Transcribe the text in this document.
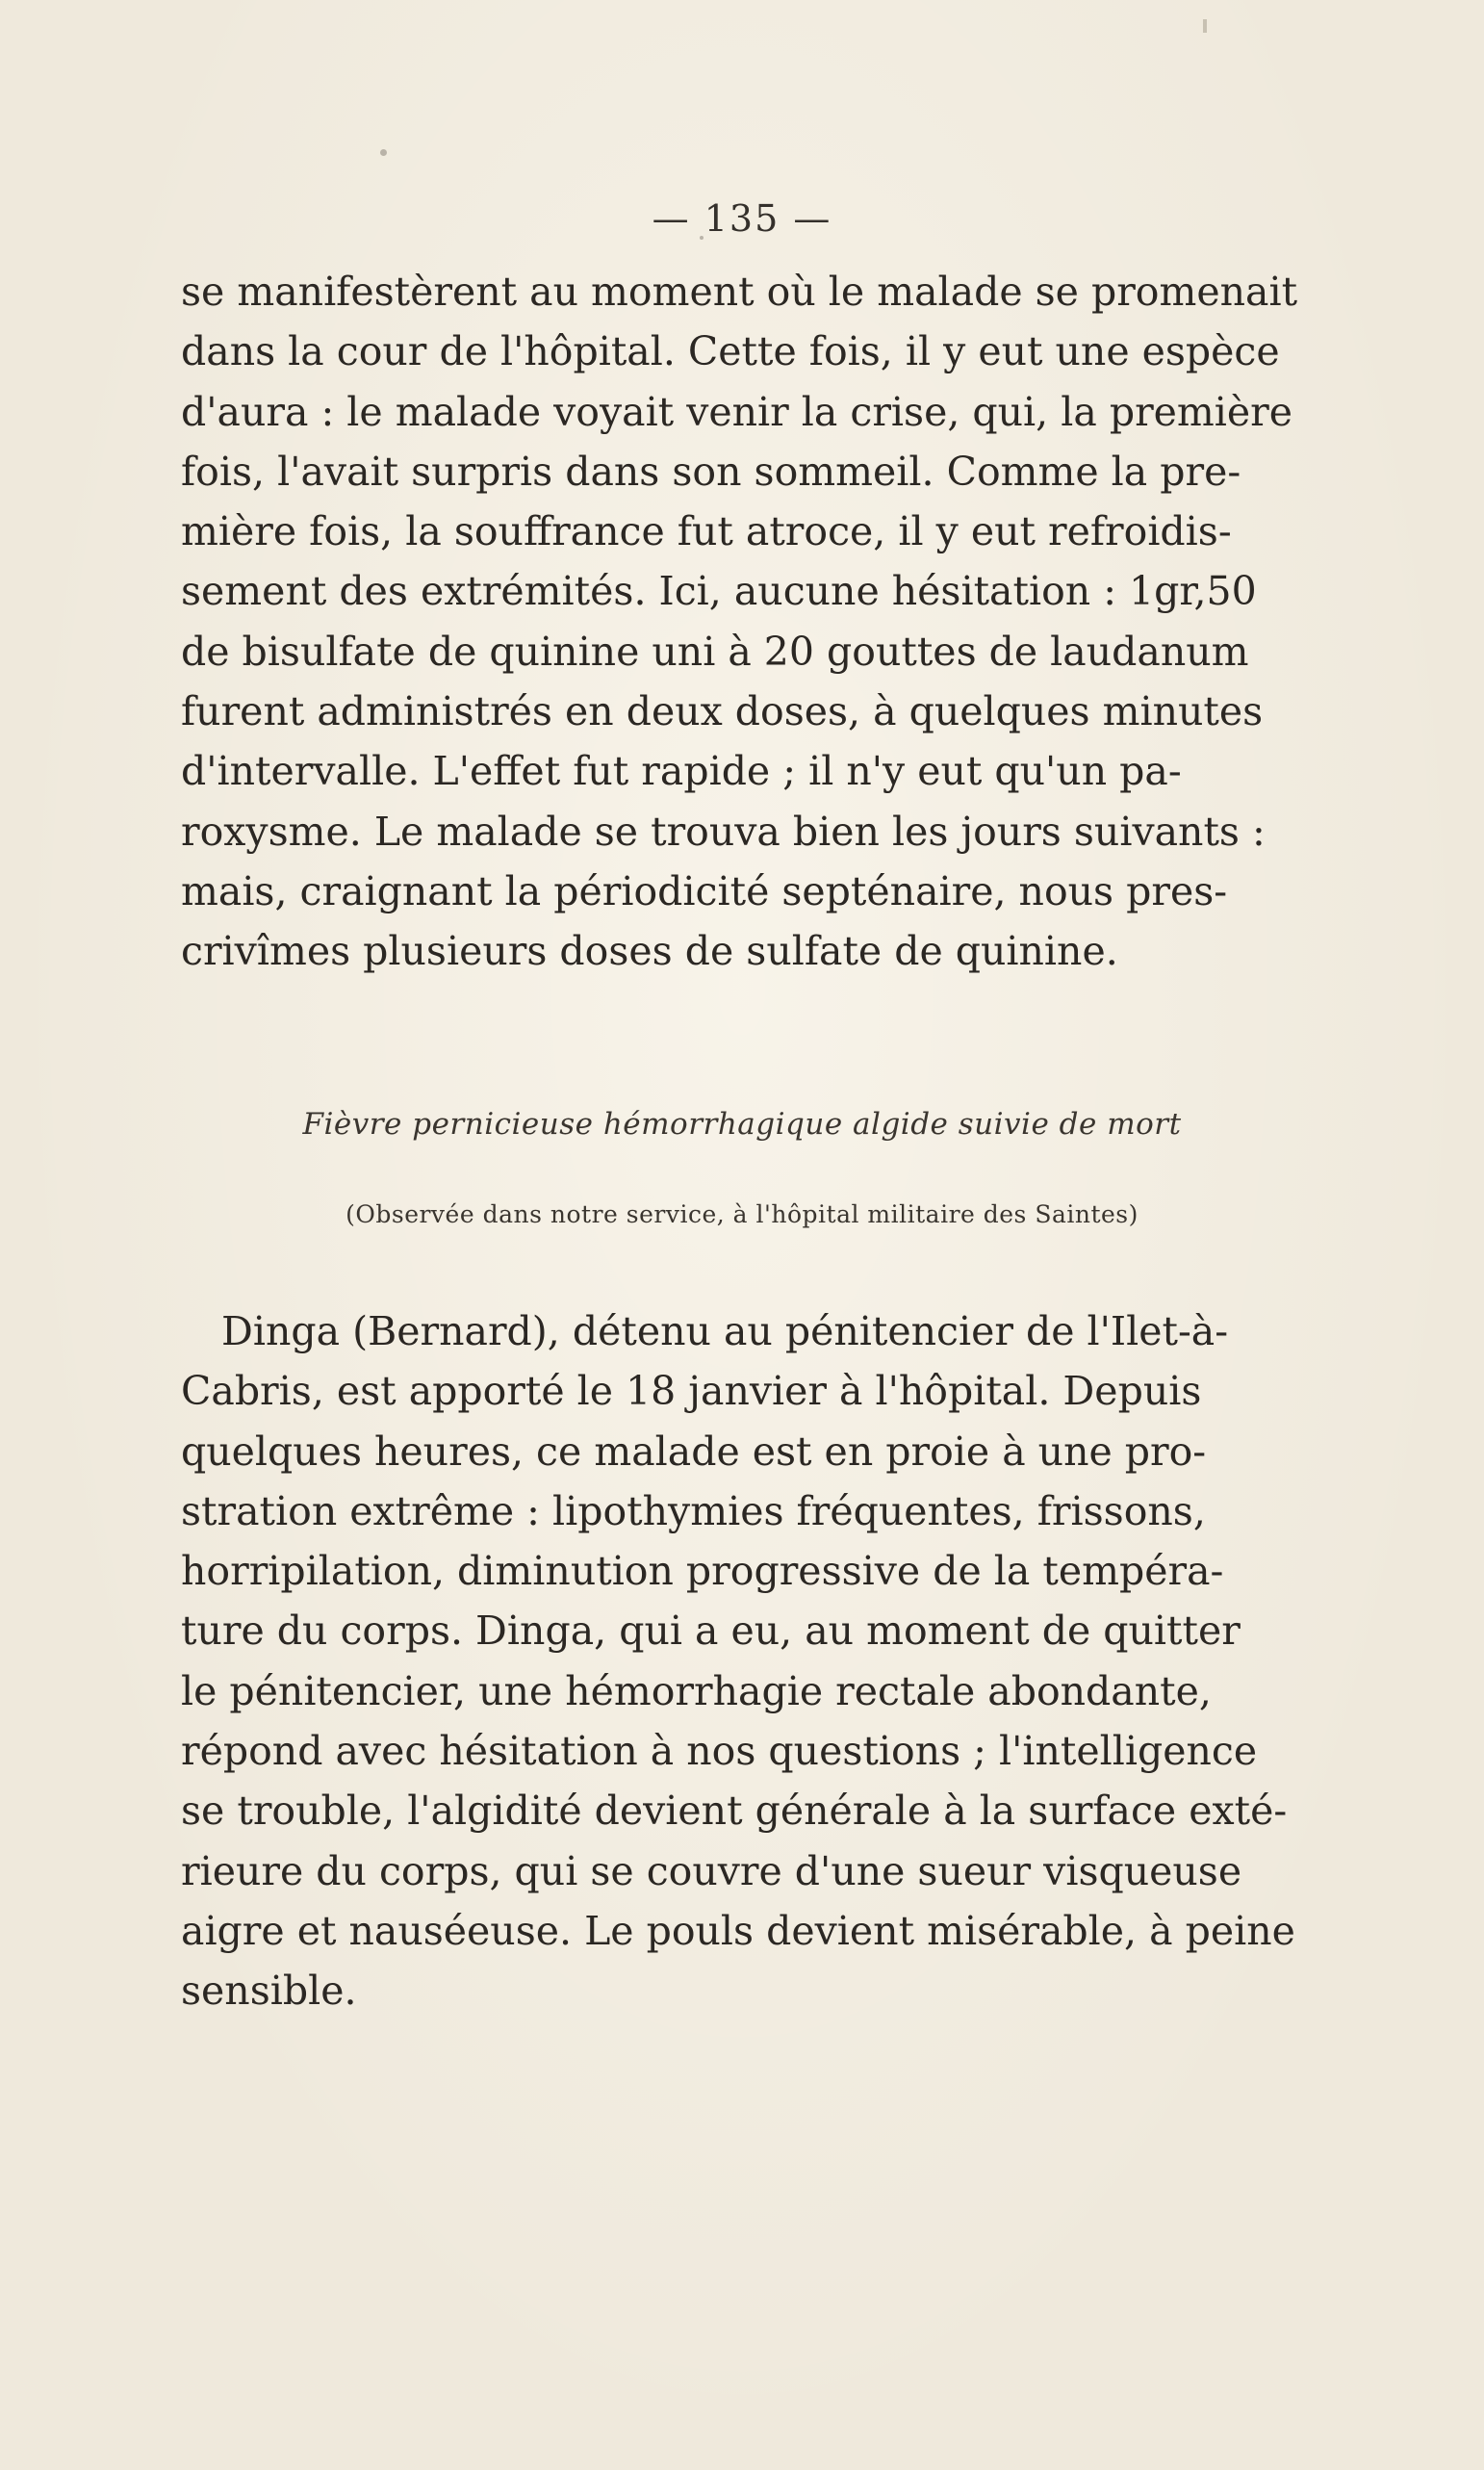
— 135 —
se manifestèrent au moment où le malade se promenait
dans la cour de l'hôpital. Cette fois, il y eut une espèce
d'aura : le malade voyait venir la crise, qui, la première
fois, l'avait surpris dans son sommeil. Comme la pre-
mière fois, la souffrance fut atroce, il y eut refroidis-
sement des extrémités. Ici, aucune hésitation : 1gr,50
de bisulfate de quinine uni à 20 gouttes de laudanum
furent administrés en deux doses, à quelques minutes
d'intervalle. L'effet fut rapide ; il n'y eut qu'un pa-
roxysme. Le malade se trouva bien les jours suivants :
mais, craignant la périodicité septénaire, nous pres-
crivîmes plusieurs doses de sulfate de quinine.
Fièvre pernicieuse hémorrhagique algide suivie de mort
(Observée dans notre service, à l'hôpital militaire des Saintes)
Dinga (Bernard), détenu au pénitencier de l'Ilet-à-
Cabris, est apporté le 18 janvier à l'hôpital. Depuis
quelques heures, ce malade est en proie à une pro-
stration extrême : lipothymies fréquentes, frissons,
horripilation, diminution progressive de la tempéra-
ture du corps. Dinga, qui a eu, au moment de quitter
le pénitencier, une hémorrhagie rectale abondante,
répond avec hésitation à nos questions ; l'intelligence
se trouble, l'algidité devient générale à la surface exté-
rieure du corps, qui se couvre d'une sueur visqueuse
aigre et nauséeuse. Le pouls devient misérable, à peine
sensible.
